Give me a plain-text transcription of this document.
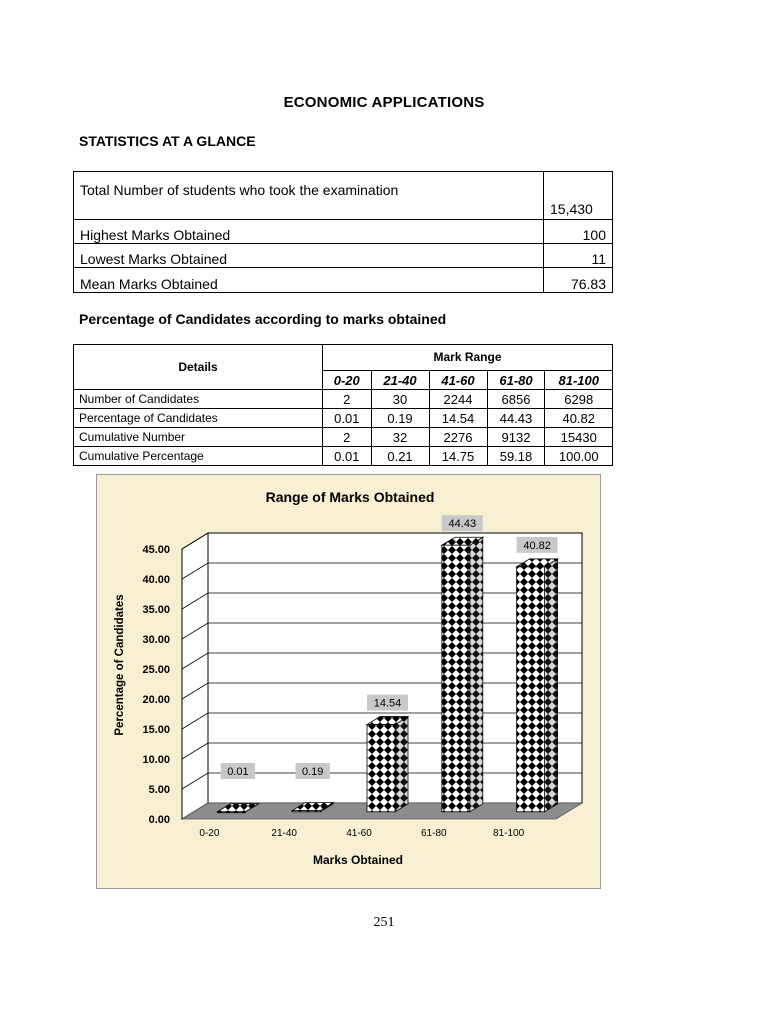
ECONOMIC APPLICATIONS
STATISTICS AT A GLANCE
Total Number of students who took the examination	15,430
Highest Marks Obtained	100
Lowest Marks Obtained	11
Mean Marks Obtained	76.83
Percentage of Candidates according to marks obtained
Details	Mark Range				
	0-20	21-40	41-60	61-80	81-100
Number of Candidates	2	30	2244	6856	6298
Percentage of Candidates	0.01	0.19	14.54	44.43	40.82
Cumulative Number	2	32	2276	9132	15430
Cumulative Percentage	0.01	0.21	14.75	59.18	100.00
Range of Marks Obtained
Marks Obtained
Percentage of Candidates
0.00
5.00
10.00
15.00
20.00
25.00
30.00
35.00
40.00
45.00
0.01
0-20
0.19
21-40
14.54
41-60
44.43
61-80
40.82
81-100
251
